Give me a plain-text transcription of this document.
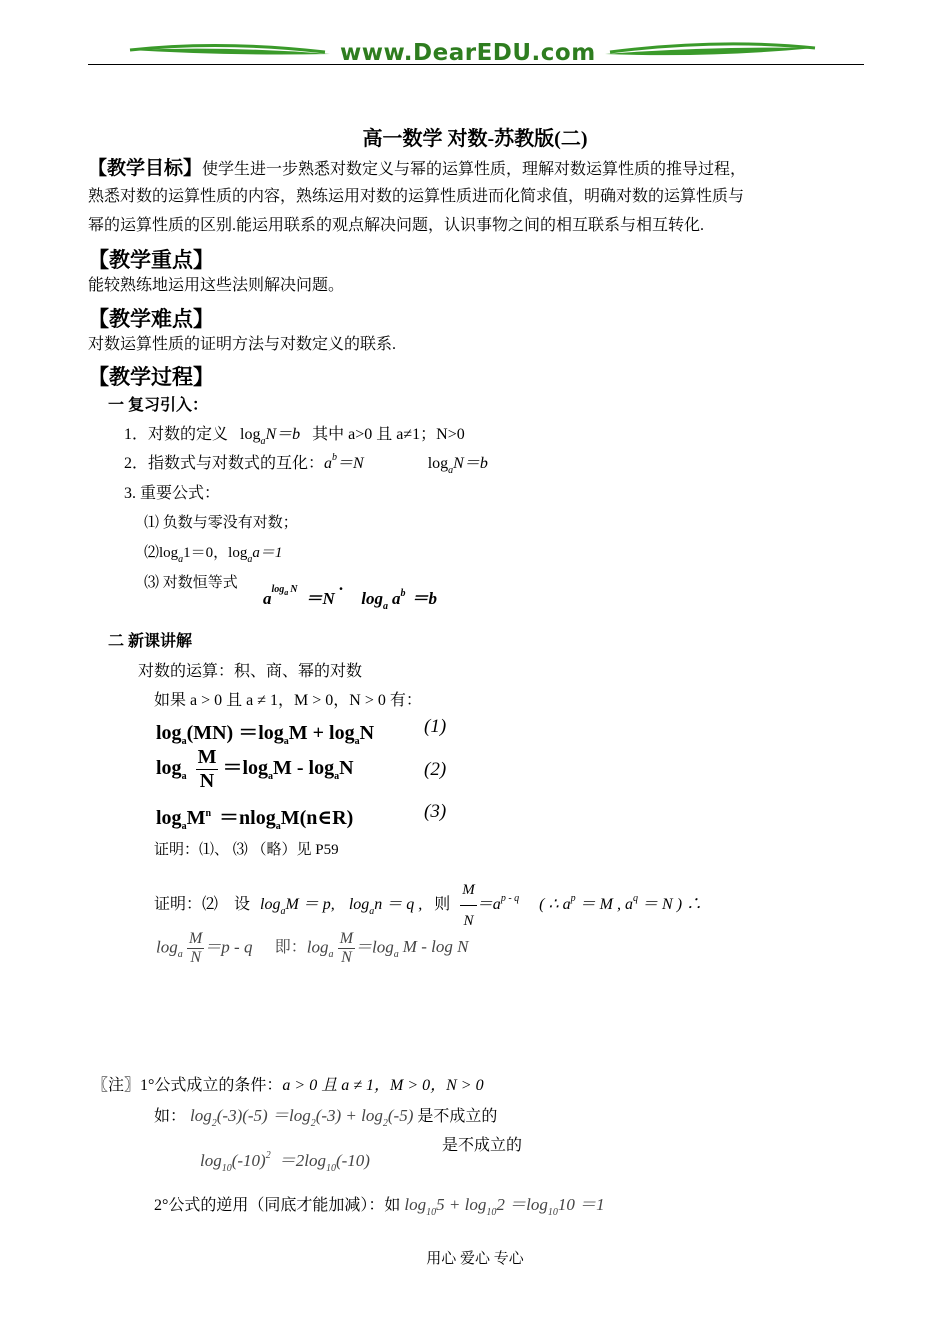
www.DearEDU.com
高一数学 对数-苏教版(二)
【教学目标】使学生进一步熟悉对数定义与幂的运算性质，理解对数运算性质的推导过程，
熟悉对数的运算性质的内容，熟练运用对数的运算性质进而化简求值，明确对数的运算性质与
幂的运算性质的区别.能运用联系的观点解决问题，认识事物之间的相互联系与相互转化.
【教学重点】
能较熟练地运用这些法则解决问题。
【教学难点】
对数运算性质的证明方法与对数定义的联系.
【教学过程】
一 复习引入：
1．对数的定义 $\log_aN=b$ 其中 a>0 且 a≠1；N>0
2．指数式与对数式的互化：$a^b=N$	$\log_aN=b$
3. 重要公式：
⑴ 负数与零没有对数；
$⑵\log_a1=0$，$\log_aa=1$
⑶ 对数恒等式
$a^{loga}$ $^N =N\cdot \log_a a^b =b$
二 新课讲解
对数的运算：积、商、幂的对数
如果 a > 0 且 a ≠ 1，M > 0，N > 0 有：
$\log_a(MN) =\log_aM + \log_aN$	(1)
$\log_a \frac{M}{N} =\log_aM - \log_aN$	(2)
$\log_aM^n$ ＝nlog$_a$M(n∈R)	(3)
证明：⑴、 ⑶ （略）见 P59
证明：⑵　设 $\log_aM = p$, $\log_an = q$ , 则 $\frac{M}{N} =a^{p - q}$ ( ∴ $a^p = M$ , $a^q = N$ ) ∴
$\log_a \frac{M}{N} =p - q$ 即：$\log_a \frac{M}{N} =\log_a$ M - log N
〖注〗1°公式成立的条件：a > 0 且 a ≠ 1，M > 0，N > 0
如： $\log_2(-3)(-5) =\log_2(-3) + \log_2(-5)$ 是不成立的
$\log_{10}(-10)^2 =2\log_{10}(-10)$
是不成立的
2°公式的逆用（同底才能加减）：如 $\log_{10}5 + \log_{10}2 =\log_{10}10 =1$
用心 爱心 专心
